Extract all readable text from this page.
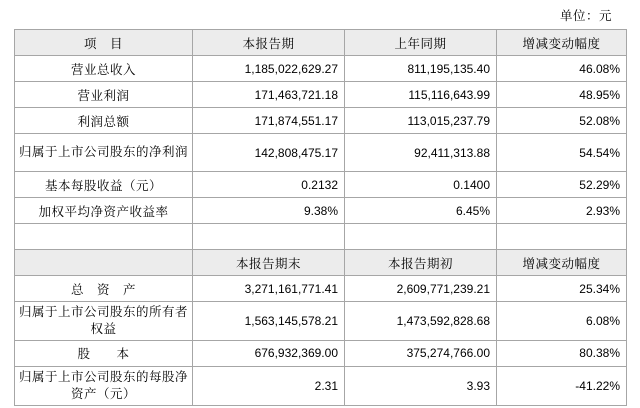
单位：元
项　目	本报告期	上年同期	增减变动幅度
营业总收入	1,185,022,629.27	811,195,135.40	46.08%
营业利润	171,463,721.18	115,116,643.99	48.95%
利润总额	171,874,551.17	113,015,237.79	52.08%
归属于上市公司股东的净利润	142,808,475.17	92,411,313.88	54.54%
基本每股收益（元）	0.2132	0.1400	52.29%
加权平均净资产收益率	9.38%	6.45%	2.93%

	本报告期末	本报告期初	增减变动幅度
总　资　产	3,271,161,771.41	2,609,771,239.21	25.34%
归属于上市公司股东的所有者权益	1,563,145,578.21	1,473,592,828.68	6.08%
股　　本	676,932,369.00	375,274,766.00	80.38%
归属于上市公司股东的每股净资产（元）	2.31	3.93	-41.22%
